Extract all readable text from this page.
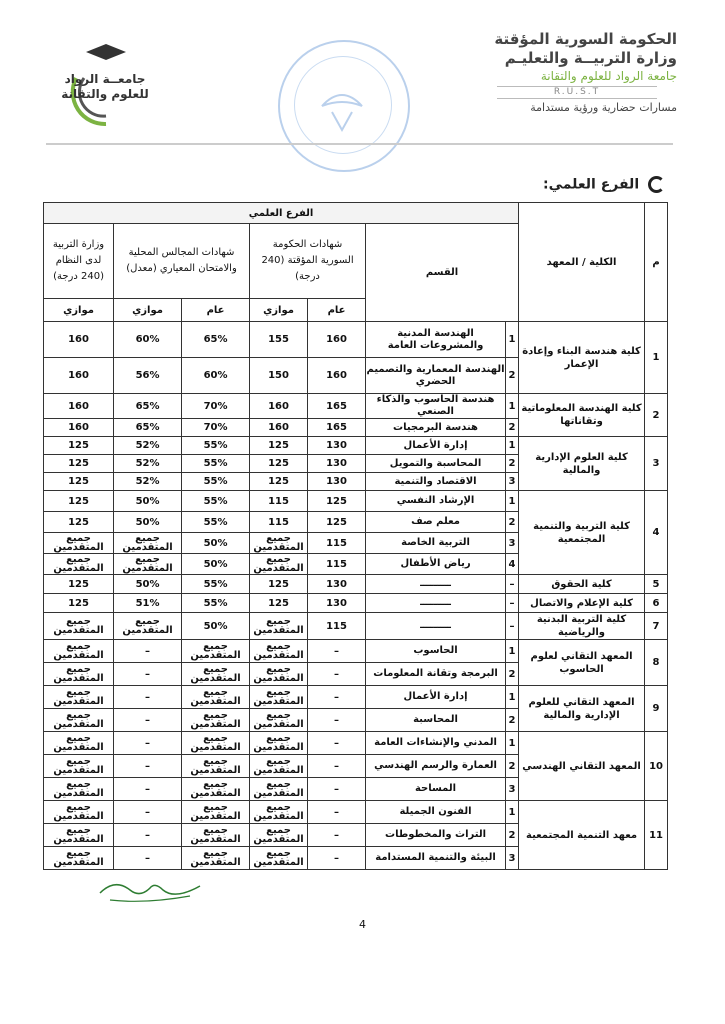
الحكومة السورية المؤقتة
وزارة التربيــة والتعليـم
جامعة الرواد للعلوم والتقانة
R.U.S.T
مسارات حضارية ورؤية مستدامة
جامعــة الرواد
للعلوم والتقانة
الفرع العلمي:
م	الكلية / المعهد	الفرع العلمي						
		القسم		شهادات الحكومة السورية المؤقتة (240 درجة)		شهادات المجالس المحلية والامتحان المعياري (معدل)		وزارة التربية لدى النظام (240 درجة)
				عام	موازي	عام	موازي	موازي
1	كلية هندسة البناء وإعادة الإعمار	1	الهندسة المدنية والمشروعات العامة	160	155	65%	60%	160
		2	الهندسة المعمارية والتصميم الحضري	160	150	60%	56%	160
2	كلية الهندسة المعلوماتية وتقاناتها	1	هندسة الحاسوب والذكاء الصنعي	165	160	70%	65%	160
		2	هندسة البرمجيات	165	160	70%	65%	160
3	كلية العلوم الإدارية والمالية	1	إدارة الأعمال	130	125	55%	52%	125
		2	المحاسبة والتمويل	130	125	55%	52%	125
		3	الاقتصاد والتنمية	130	125	55%	52%	125
4	كلية التربية والتنمية المجتمعية	1	الإرشاد النفسي	125	115	55%	50%	125
		2	معلم صف	125	115	55%	50%	125
		3	التربية الخاصة	115	جميع المتقدمين	50%	جميع المتقدمين	جميع المتقدمين
		4	رياض الأطفال	115	جميع المتقدمين	50%	جميع المتقدمين	جميع المتقدمين
5	كلية الحقوق	–	ـــــــــ	130	125	55%	50%	125
6	كلية الإعلام والاتصال	–	ـــــــــ	130	125	55%	51%	125
7	كلية التربية البدنية والرياضية	–	ـــــــــ	115	جميع المتقدمين	50%	جميع المتقدمين	جميع المتقدمين
8	المعهد التقاني لعلوم الحاسوب	1	الحاسوب	–	جميع المتقدمين	جميع المتقدمين	–	جميع المتقدمين
		2	البرمجة وتقانة المعلومات	–	جميع المتقدمين	جميع المتقدمين	–	جميع المتقدمين
9	المعهد التقاني للعلوم الإدارية والمالية	1	إدارة الأعمال	–	جميع المتقدمين	جميع المتقدمين	–	جميع المتقدمين
		2	المحاسبة	–	جميع المتقدمين	جميع المتقدمين	–	جميع المتقدمين
10	المعهد التقاني الهندسي	1	المدني والإنشاءات العامة	–	جميع المتقدمين	جميع المتقدمين	–	جميع المتقدمين
		2	العمارة والرسم الهندسي	–	جميع المتقدمين	جميع المتقدمين	–	جميع المتقدمين
		3	المساحة	–	جميع المتقدمين	جميع المتقدمين	–	جميع المتقدمين
11	معهد التنمية المجتمعية	1	الفنون الجميلة	–	جميع المتقدمين	جميع المتقدمين	–	جميع المتقدمين
		2	التراث والمخطوطات	–	جميع المتقدمين	جميع المتقدمين	–	جميع المتقدمين
		3	البيئة والتنمية المستدامة	–	جميع المتقدمين	جميع المتقدمين	–	جميع المتقدمين
4
